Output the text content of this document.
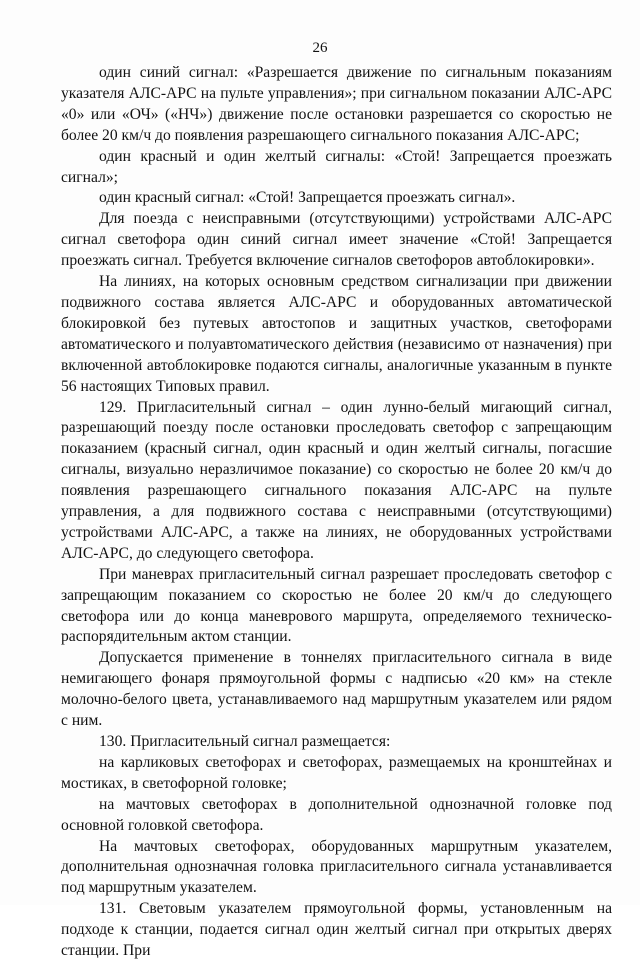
26

один синий сигнал: «Разрешается движение по сигнальным показаниям указателя АЛС-АРС на пульте управления»; при сигнальном показании АЛС-АРС «0» или «ОЧ» («НЧ») движение после остановки разрешается со скоростью не более 20 км/ч до появления разрешающего сигнального показания АЛС-АРС;

один красный и один желтый сигналы: «Стой! Запрещается проезжать сигнал»;

один красный сигнал: «Стой! Запрещается проезжать сигнал».

Для поезда с неисправными (отсутствующими) устройствами АЛС-АРС сигнал светофора один синий сигнал имеет значение «Стой! Запрещается проезжать сигнал. Требуется включение сигналов светофоров автоблокировки».

На линиях, на которых основным средством сигнализации при движении подвижного состава является АЛС-АРС и оборудованных автоматической блокировкой без путевых автостопов и защитных участков, светофорами автоматического и полуавтоматического действия (независимо от назначения) при включенной автоблокировке подаются сигналы, аналогичные указанным в пункте 56 настоящих Типовых правил.

129. Пригласительный сигнал – один лунно-белый мигающий сигнал, разрешающий поезду после остановки проследовать светофор с запрещающим показанием (красный сигнал, один красный и один желтый сигналы, погасшие сигналы, визуально неразличимое показание) со скоростью не более 20 км/ч до появления разрешающего сигнального показания АЛС-АРС на пульте управления, а для подвижного состава с неисправными (отсутствующими) устройствами АЛС-АРС, а также на линиях, не оборудованных устройствами АЛС-АРС, до следующего светофора.

При маневрах пригласительный сигнал разрешает проследовать светофор с запрещающим показанием со скоростью не более 20 км/ч до следующего светофора или до конца маневрового маршрута, определяемого техническо-распорядительным актом станции.

Допускается применение в тоннелях пригласительного сигнала в виде немигающего фонаря прямоугольной формы с надписью «20 км» на стекле молочно-белого цвета, устанавливаемого над маршрутным указателем или рядом с ним.

130. Пригласительный сигнал размещается:

на карликовых светофорах и светофорах, размещаемых на кронштейнах и мостиках, в светофорной головке;

на мачтовых светофорах в дополнительной однозначной головке под основной головкой светофора.

На мачтовых светофорах, оборудованных маршрутным указателем, дополнительная однозначная головка пригласительного сигнала устанавливается под маршрутным указателем.

131. Световым указателем прямоугольной формы, установленным на подходе к станции, подается сигнал один желтый сигнал при открытых дверях станции. При
